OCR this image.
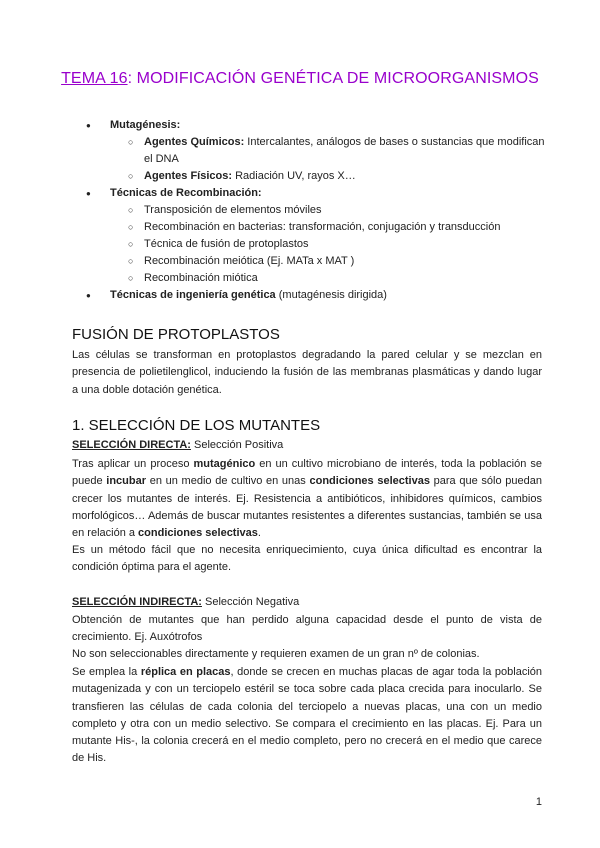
TEMA 16: MODIFICACIÓN GENÉTICA DE MICROORGANISMOS
● Mutagénesis:
○ Agentes Químicos: Intercalantes, análogos de bases o sustancias que modifican el DNA
○ Agentes Físicos: Radiación UV, rayos X…
● Técnicas de Recombinación:
○ Transposición de elementos móviles
○ Recombinación en bacterias: transformación, conjugación y transducción
○ Técnica de fusión de protoplastos
○ Recombinación meiótica (Ej. MATa x MAT )
○ Recombinación miótica
● Técnicas de ingeniería genética (mutagénesis dirigida)
FUSIÓN DE PROTOPLASTOS
Las células se transforman en protoplastos degradando la pared celular y se mezclan en presencia de polietilenglicol, induciendo la fusión de las membranas plasmáticas y dando lugar a una doble dotación genética.
1. SELECCIÓN DE LOS MUTANTES
SELECCIÓN DIRECTA: Selección Positiva
Tras aplicar un proceso mutagénico en un cultivo microbiano de interés, toda la población se puede incubar en un medio de cultivo en unas condiciones selectivas para que sólo puedan crecer los mutantes de interés. Ej. Resistencia a antibióticos, inhibidores químicos, cambios morfológicos… Además de buscar mutantes resistentes a diferentes sustancias, también se usa en relación a condiciones selectivas.
Es un método fácil que no necesita enriquecimiento, cuya única dificultad es encontrar la condición óptima para el agente.
SELECCIÓN INDIRECTA: Selección Negativa
Obtención de mutantes que han perdido alguna capacidad desde el punto de vista de crecimiento. Ej. Auxótrofos
No son seleccionables directamente y requieren examen de un gran nº de colonias.
Se emplea la réplica en placas, donde se crecen en muchas placas de agar toda la población mutagenizada y con un terciopelo estéril se toca sobre cada placa crecida para inocularlo. Se transfieren las células de cada colonia del terciopelo a nuevas placas, una con un medio completo y otra con un medio selectivo. Se compara el crecimiento en las placas. Ej. Para un mutante His-, la colonia crecerá en el medio completo, pero no crecerá en el medio que carece de His.
1
